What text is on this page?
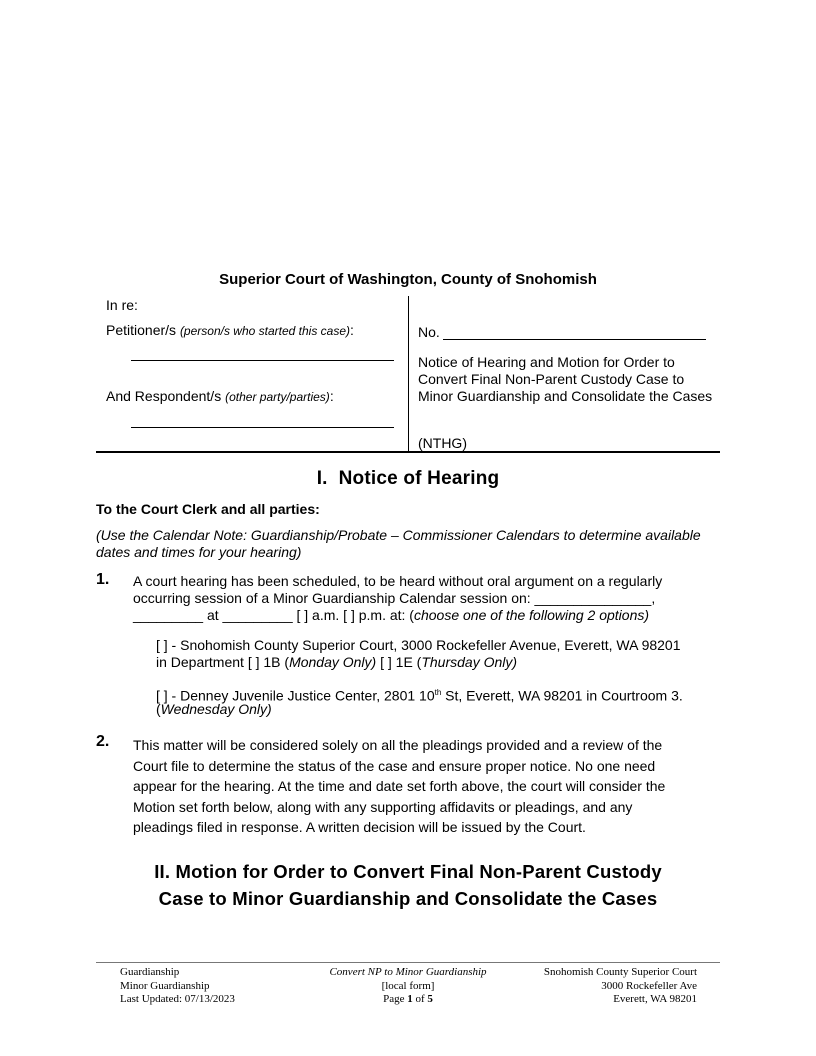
Superior Court of Washington, County of Snohomish
In re:
Petitioner/s (person/s who started this case):
And Respondent/s (other party/parties):
No.
Notice of Hearing and Motion for Order to Convert Final Non-Parent Custody Case to Minor Guardianship and Consolidate the Cases
(NTHG)
I.  Notice of Hearing
To the Court Clerk and all parties:
(Use the Calendar Note: Guardianship/Probate – Commissioner Calendars to determine available dates and times for your hearing)
1. A court hearing has been scheduled, to be heard without oral argument on a regularly
occurring session of a Minor Guardianship Calendar session on: _______________,
_________ at _________ [ ] a.m. [ ] p.m. at: (choose one of the following 2 options)
[ ] - Snohomish County Superior Court, 3000 Rockefeller Avenue, Everett, WA 98201
in Department [ ] 1B (Monday Only) [ ] 1E (Thursday Only)
[ ] - Denney Juvenile Justice Center, 2801 10th St, Everett, WA 98201 in Courtroom 3.
(Wednesday Only)
2. This matter will be considered solely on all the pleadings provided and a review of the
Court file to determine the status of the case and ensure proper notice. No one need
appear for the hearing. At the time and date set forth above, the court will consider the
Motion set forth below, along with any supporting affidavits or pleadings, and any
pleadings filed in response. A written decision will be issued by the Court.
II. Motion for Order to Convert Final Non-Parent Custody
Case to Minor Guardianship and Consolidate the Cases
Guardianship
Minor Guardianship
Last Updated: 07/13/2023
Convert NP to Minor Guardianship
[local form]
Page 1 of 5
Snohomish County Superior Court
3000 Rockefeller Ave
Everett, WA 98201
